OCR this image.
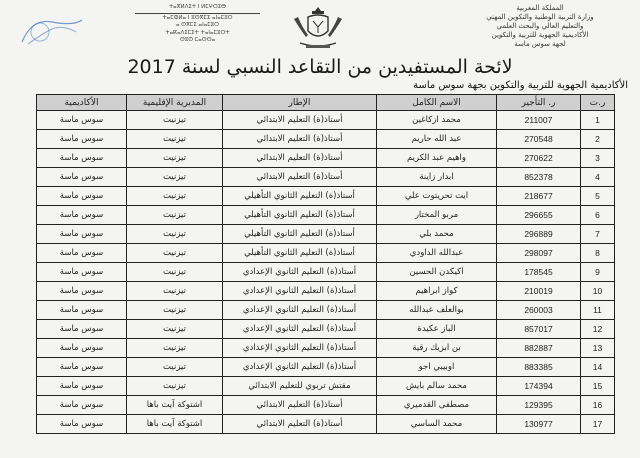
المملكة المغربية
وزارة التربية الوطنية والتكوين المهني
والتعليم العالي والبحث العلمي
الأكاديمية الجهوية للتربية والتكوين
لجهة سوس ماسة
ⵜⴰⴳⵍⴷⵉⵜ ⵏ ⵍⵎⵖⵔⵉⴱ
ⵜⴰⵎⵀⵍⴰ ⵏ ⵓⵙⴳⵎⵉ ⴰⵏⴰⵎⵓⵔ
ⴰ ⵙⴳⵎⵉ ⴰⵏⴰⵎⵓⵔ
ⵜⴰⴽⴰⴷⵉⵎⵉⵜ ⵜⴰⵏⴰⵎⵓⵔⵜ
ⵙⵓⵙ ⵎⴰⵙⵙⴰ
لائحة المستفيدين من التقاعد النسبي لسنة 2017
الأكاديمية الجهوية للتربية والتكوين بجهة سوس ماسة
ر.ت	ر. التأجير	الاسم الكامل	الإطار	المديرية الإقليمية	الأكاديمية
1	211007	محمد ازكاغين	أستاذ(ة) التعليم الابتدائي	تيزنيت	سوس ماسة
2	270548	عبد الله حاريم	أستاذ(ة) التعليم الابتدائي	تيزنيت	سوس ماسة
3	270622	واهيم عبد الكريم	أستاذ(ة) التعليم الابتدائي	تيزنيت	سوس ماسة
4	852378	ابدار زاينة	أستاذ(ة) التعليم الابتدائي	تيزنيت	سوس ماسة
5	218677	ايت تحريتوت علي	أستاذ(ة) التعليم الثانوي التأهيلي	تيزنيت	سوس ماسة
6	296655	مربو المختار	أستاذ(ة) التعليم الثانوي التأهيلي	تيزنيت	سوس ماسة
7	296889	محمد بلي	أستاذ(ة) التعليم الثانوي التأهيلي	تيزنيت	سوس ماسة
8	298097	عبدالله الداودي	أستاذ(ة) التعليم الثانوي التأهيلي	تيزنيت	سوس ماسة
9	178545	اكيكدن الحسين	أستاذ(ة) التعليم الثانوي الإعدادي	تيزنيت	سوس ماسة
10	210019	كواز ابراهيم	أستاذ(ة) التعليم الثانوي الإعدادي	تيزنيت	سوس ماسة
11	260003	بوالعلف عبدالله	أستاذ(ة) التعليم الثانوي الإعدادي	تيزنيت	سوس ماسة
12	857017	الباز عكيدة	أستاذ(ة) التعليم الثانوي الإعدادي	تيزنيت	سوس ماسة
13	882887	بن ابزيك رقية	أستاذ(ة) التعليم الثانوي الإعدادي	تيزنيت	سوس ماسة
14	883385	اوبيبي اجو	أستاذ(ة) التعليم الثانوي الإعدادي	تيزنيت	سوس ماسة
15	174394	محمد سالم بايش	مفتش تربوي للتعليم الابتدائي	تيزنيت	سوس ماسة
16	129395	مصطفى القدميري	أستاذ(ة) التعليم الابتدائي	اشتوكة آيت باها	سوس ماسة
17	130977	محمد الساسي	أستاذ(ة) التعليم الابتدائي	اشتوكة آيت باها	سوس ماسة
